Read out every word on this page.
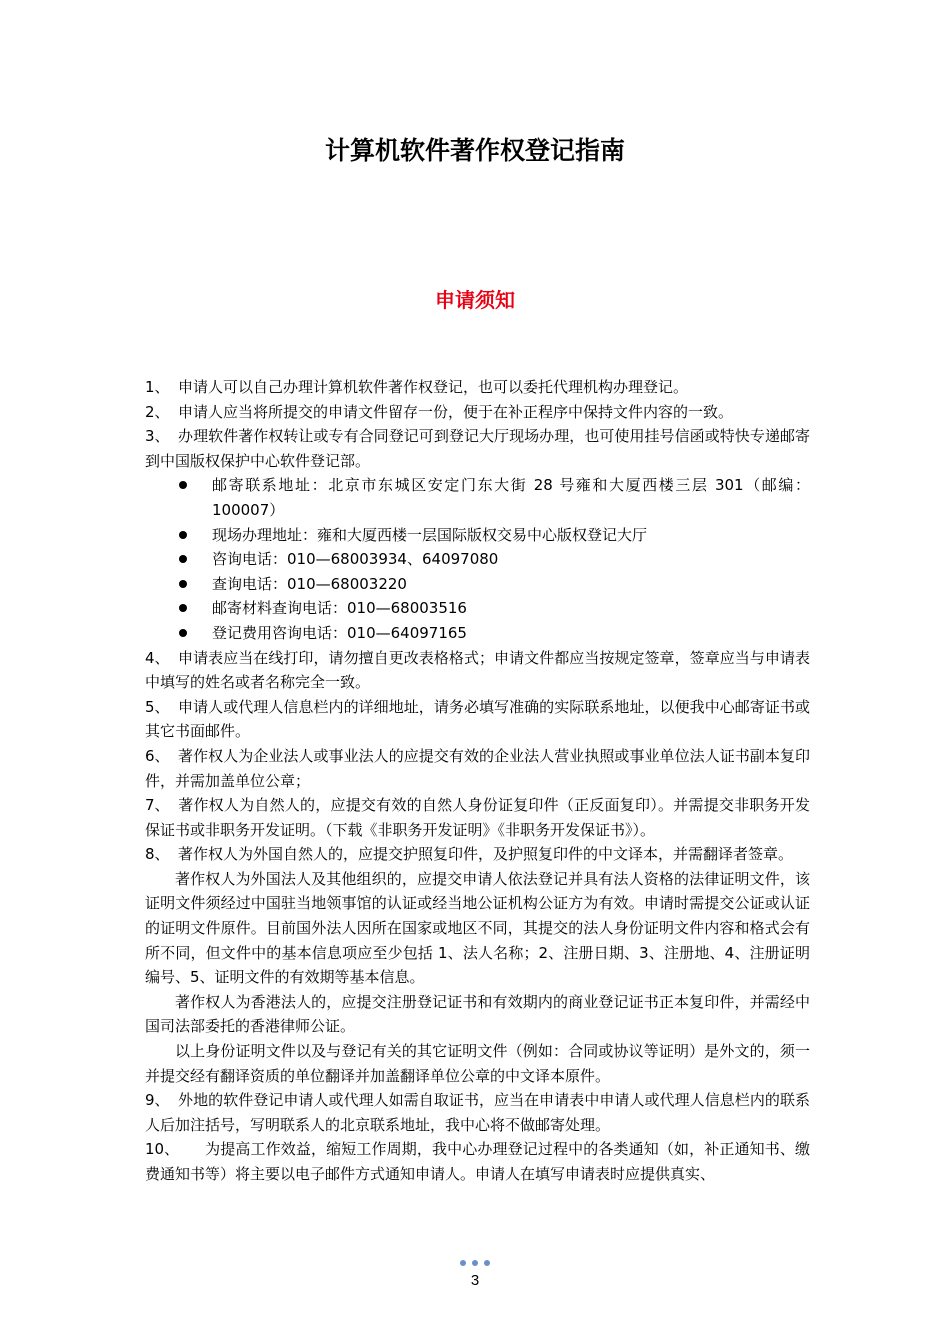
计算机软件著作权登记指南
申请须知

1、 申请人可以自己办理计算机软件著作权登记，也可以委托代理机构办理登记。

2、 申请人应当将所提交的申请文件留存一份，便于在补正程序中保持文件内容的一致。

3、 办理软件著作权转让或专有合同登记可到登记大厅现场办理，也可使用挂号信函或特快专递邮寄到中国版权保护中心软件登记部。

邮寄联系地址：北京市东城区安定门东大街 28 号雍和大厦西楼三层 301（邮编：100007）
现场办理地址：雍和大厦西楼一层国际版权交易中心版权登记大厅
咨询电话：010—68003934、64097080
查询电话：010—68003220
邮寄材料查询电话：010—68003516
登记费用咨询电话：010—64097165

4、 申请表应当在线打印，请勿擅自更改表格格式；申请文件都应当按规定签章，签章应当与申请表中填写的姓名或者名称完全一致。

5、 申请人或代理人信息栏内的详细地址，请务必填写准确的实际联系地址，以便我中心邮寄证书或其它书面邮件。

6、 著作权人为企业法人或事业法人的应提交有效的企业法人营业执照或事业单位法人证书副本复印件，并需加盖单位公章；

7、 著作权人为自然人的，应提交有效的自然人身份证复印件（正反面复印）。并需提交非职务开发保证书或非职务开发证明。（下载《非职务开发证明》《非职务开发保证书》）。

8、 著作权人为外国自然人的，应提交护照复印件，及护照复印件的中文译本，并需翻译者签章。

著作权人为外国法人及其他组织的，应提交申请人依法登记并具有法人资格的法律证明文件，该证明文件须经过中国驻当地领事馆的认证或经当地公证机构公证方为有效。申请时需提交公证或认证的证明文件原件。目前国外法人因所在国家或地区不同，其提交的法人身份证明文件内容和格式会有所不同，但文件中的基本信息项应至少包括 1、法人名称；2、注册日期、3、注册地、4、注册证明编号、5、证明文件的有效期等基本信息。

著作权人为香港法人的，应提交注册登记证书和有效期内的商业登记证书正本复印件，并需经中国司法部委托的香港律师公证。

以上身份证明文件以及与登记有关的其它证明文件（例如：合同或协议等证明）是外文的，须一并提交经有翻译资质的单位翻译并加盖翻译单位公章的中文译本原件。

9、 外地的软件登记申请人或代理人如需自取证书，应当在申请表中申请人或代理人信息栏内的联系人后加注括号，写明联系人的北京联系地址，我中心将不做邮寄处理。

10、 为提高工作效益，缩短工作周期，我中心办理登记过程中的各类通知（如，补正通知书、缴费通知书等）将主要以电子邮件方式通知申请人。申请人在填写申请表时应提供真实、

3
